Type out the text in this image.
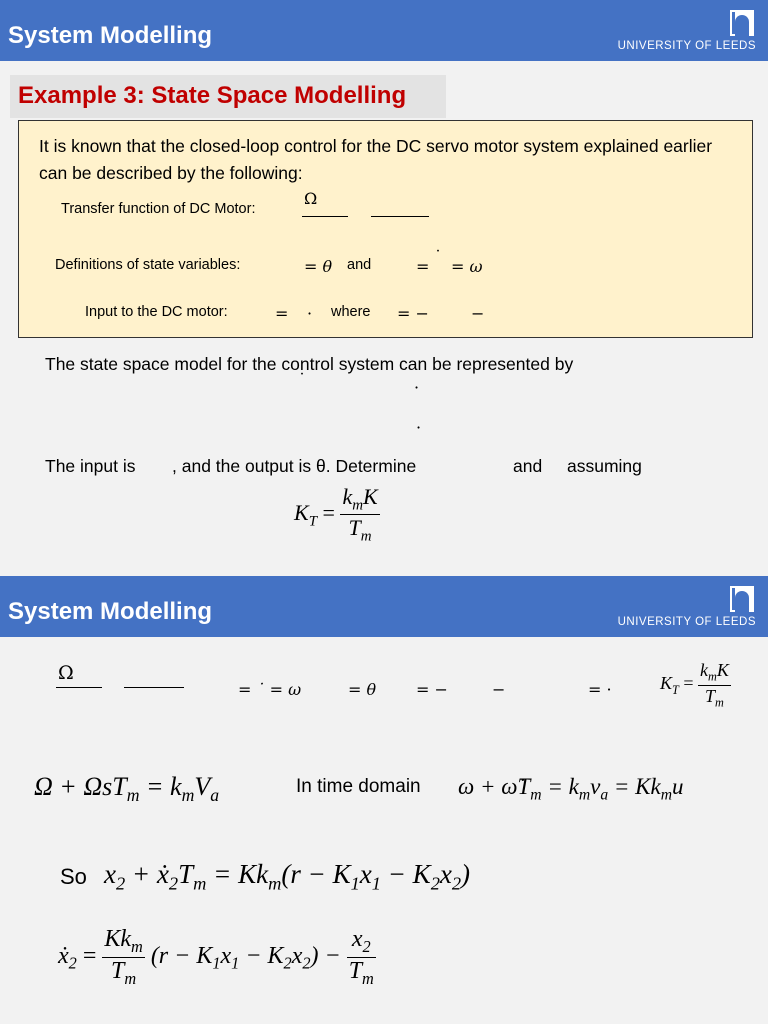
System Modelling	UNIVERSITY OF LEEDS
Example 3: State Space Modelling
It is known that the closed-loop control for the DC servo motor system explained earlier can be described by the following:
Transfer function of DC Motor:
Ω
Definitions of state variables:	= θ and	=
˙
= ω
Input to the DC motor:	= · where = −	−
The state space model for the control system can be represented by
˙	·
·
The input is , and the output is θ. Determine	and assuming
$K_T = \frac{k_mK}{T_m}$
System Modelling	UNIVERSITY OF LEEDS
Ω
= ˙ = ω	= θ = −	−	= ·	$K_T = \frac{k_mK}{T_m}$
$\Omega + \Omega sT_m = k_mV_a$	In time domain $\omega + \omegȧT_m = k_mv_a = Kk_mu$
So $x_2$ + $ẋ_2T_m = Kk_m(r - K_1x_1 - K_2x_2)$
ẋ$_2$ = $\frac{Kk_m}{T_m} (r - K_1x_1 - K_2x_2) - \frac{x_2}{T_m}$
